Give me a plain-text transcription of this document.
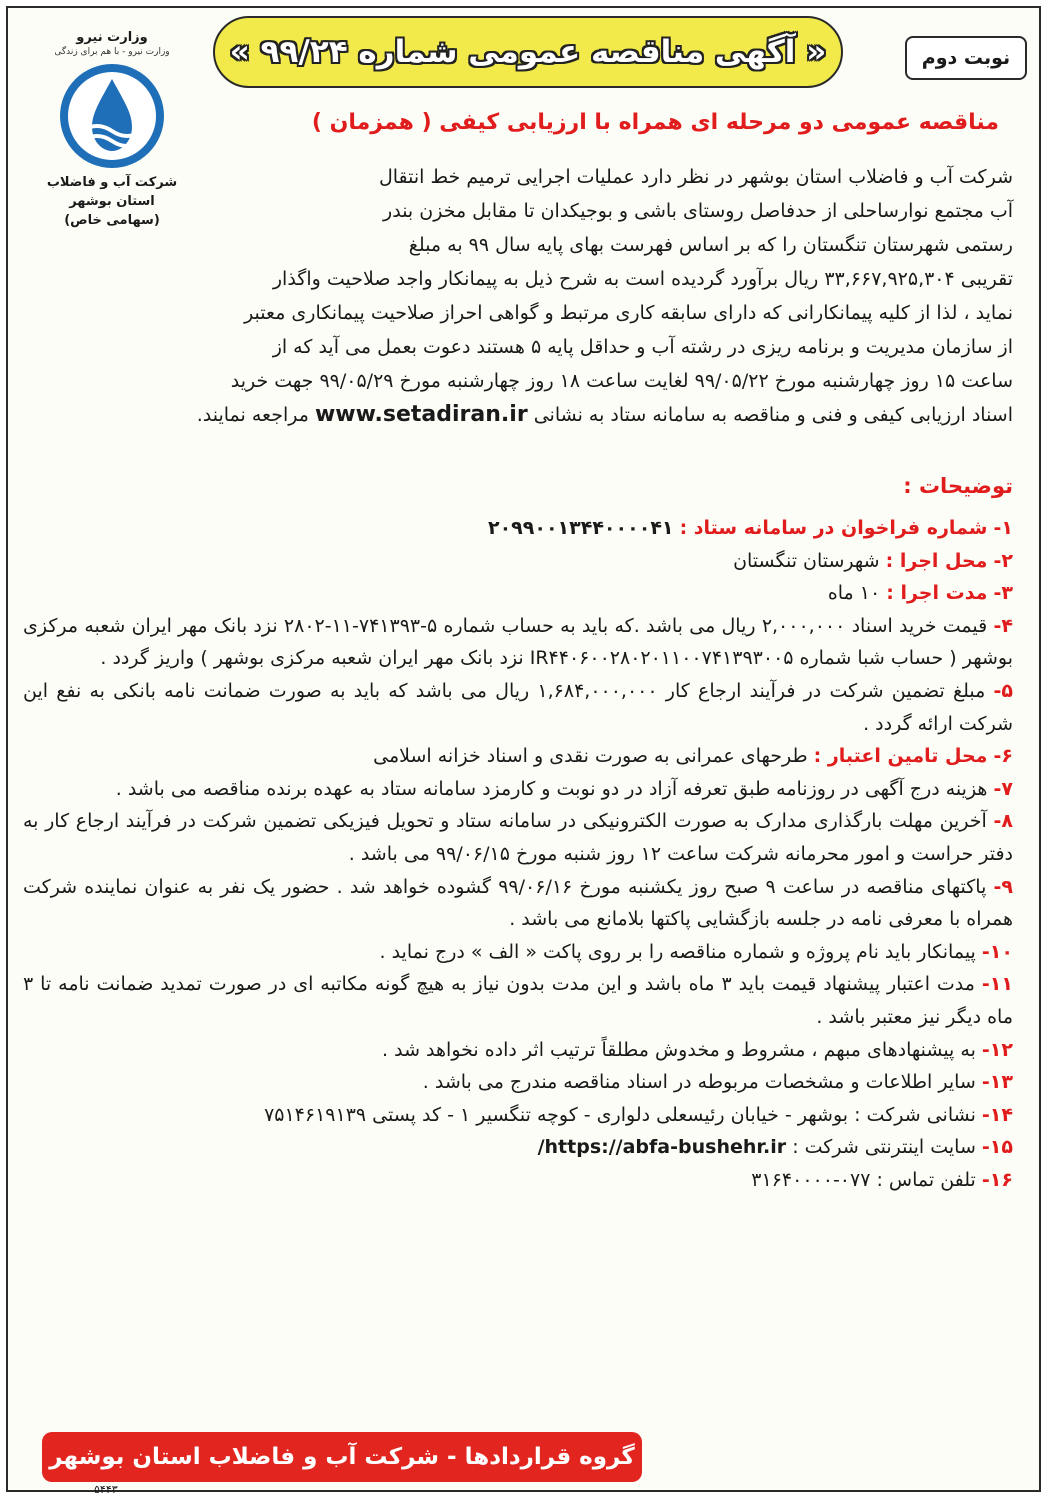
وزارت نیرو
وزارت نیرو - با هم برای زندگی
شرکت آب و فاضلاب
استان بوشهر
(سهامی خاص)
« آگهی مناقصه عمومی شماره ۹۹/۲۴ »	نوبت دوم
مناقصه عمومی دو مرحله ای همراه با ارزیابی کیفی ( همزمان )

شرکت آب و فاضلاب استان بوشهر در نظر دارد عملیات اجرایی ترمیم خط انتقال

آب مجتمع نوارساحلی از حدفاصل روستای باشی و بوجیکدان تا مقابل مخزن بندر

رستمی شهرستان تنگستان را که بر اساس فهرست بهای پایه سال ۹۹ به مبلغ

تقریبی ۳۳,۶۶۷,۹۲۵,۳۰۴ ریال برآورد گردیده است به شرح ذیل به پیمانکار واجد صلاحیت واگذار

نماید ، لذا از کلیه پیمانکارانی که دارای سابقه کاری مرتبط و گواهی احراز صلاحیت پیمانکاری معتبر

از سازمان مدیریت و برنامه ریزی در رشته آب و حداقل پایه ۵ هستند دعوت بعمل می آید که از

ساعت ۱۵ روز چهارشنبه مورخ ۹۹/۰۵/۲۲ لغایت ساعت ۱۸ روز چهارشنبه مورخ ۹۹/۰۵/۲۹ جهت خرید

اسناد ارزیابی کیفی و فنی و مناقصه به سامانه ستاد به نشانی www.setadiran.ir مراجعه نمایند.

توضیحات :

۱- شماره فراخوان در سامانه ستاد : ۲۰۹۹۰۰۱۳۴۴۰۰۰۰۴۱

۲- محل اجرا : شهرستان تنگستان

۳- مدت اجرا : ۱۰ ماه

۴- قیمت خرید اسناد ۲,۰۰۰,۰۰۰ ریال می باشد .که باید به حساب شماره ۵-۷۴۱۳۹۳-۱۱-۲۸۰۲ نزد بانک مهر ایران شعبه مرکزی بوشهر ( حساب شبا شماره IR۴۴۰۶۰۰۲۸۰۲۰۱۱۰۰۷۴۱۳۹۳۰۰۵ نزد بانک مهر ایران شعبه مرکزی بوشهر ) واریز گردد .

۵- مبلغ تضمین شرکت در فرآیند ارجاع کار ۱,۶۸۴,۰۰۰,۰۰۰ ریال می باشد که باید به صورت ضمانت نامه بانکی به نفع این شرکت ارائه گردد .

۶- محل تامین اعتبار : طرحهای عمرانی به صورت نقدی و اسناد خزانه اسلامی

۷- هزینه درج آگهی در روزنامه طبق تعرفه آزاد در دو نوبت و کارمزد سامانه ستاد به عهده برنده مناقصه می باشد .

۸- آخرین مهلت بارگذاری مدارک به صورت الکترونیکی در سامانه ستاد و تحویل فیزیکی تضمین شرکت در فرآیند ارجاع کار به دفتر حراست و امور محرمانه شرکت ساعت ۱۲ روز شنبه مورخ ۹۹/۰۶/۱۵ می باشد .

۹- پاکتهای مناقصه در ساعت ۹ صبح روز یکشنبه مورخ ۹۹/۰۶/۱۶ گشوده خواهد شد . حضور یک نفر به عنوان نماینده شرکت همراه با معرفی نامه در جلسه بازگشایی پاکتها بلامانع می باشد .

۱۰- پیمانکار باید نام پروژه و شماره مناقصه را بر روی پاکت « الف » درج نماید .

۱۱- مدت اعتبار پیشنهاد قیمت باید ۳ ماه باشد و این مدت بدون نیاز به هیچ گونه مکاتبه ای در صورت تمدید ضمانت نامه تا ۳ ماه دیگر نیز معتبر باشد .

۱۲- به پیشنهادهای مبهم ، مشروط و مخدوش مطلقاً ترتیب اثر داده نخواهد شد .

۱۳- سایر اطلاعات و مشخصات مربوطه در اسناد مناقصه مندرج می باشد .

۱۴- نشانی شرکت : بوشهر - خیابان رئیسعلی دلواری - کوچه تنگسیر ۱ - کد پستی ۷۵۱۴۶۱۹۱۳۹

۱۵- سایت اینترنتی شرکت : https://abfa-bushehr.ir/

۱۶- تلفن تماس : ۰۷۷-۳۱۶۴۰۰۰۰

گروه قراردادها - شرکت آب و فاضلاب استان بوشهر
۵۴۴۳
